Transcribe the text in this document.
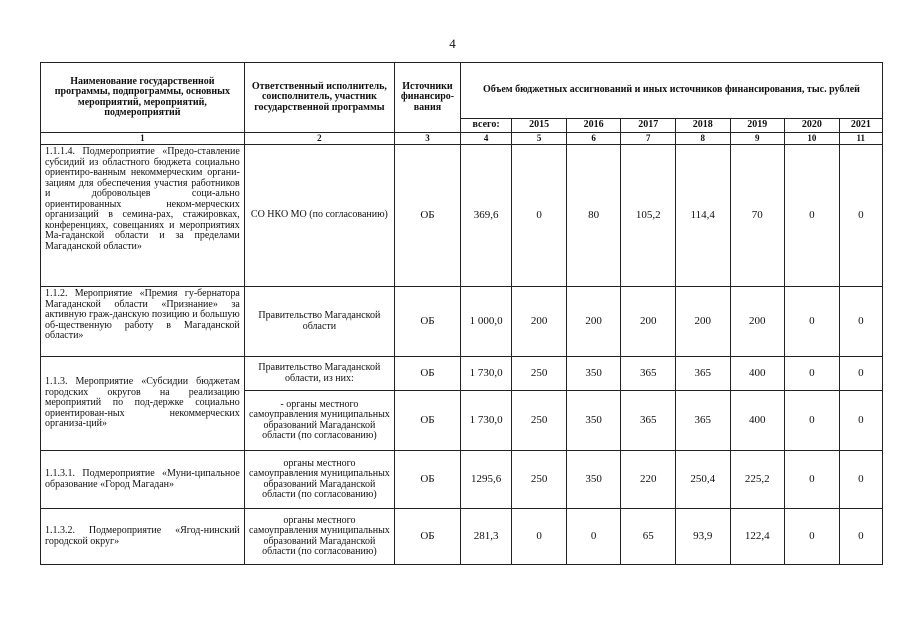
4
Наименование государственной программы, подпрограммы, основных мероприятий, мероприятий, подмероприятий	Ответственный исполнитель, соисполнитель, участник государственной программы	Источники финансиро-вания	Объем бюджетных ассигнований и иных источников финансирования, тыс. рублей							
			всего:	2015	2016	2017	2018	2019	2020	2021
1	2	3	4	5	6	7	8	9	10	11
1.1.1.4. Подмероприятие «Предо-ставление субсидий из областного бюджета социально ориентиро-ванным некоммерческим органи-зациям для обеспечения участия работников и добровольцев соци-ально ориентированных неком-мерческих организаций в семина-рах, стажировках, конференциях, совещаниях и мероприятиях Ма-гаданской области и за пределами Магаданской области»	СО НКО МО (по согласованию)	ОБ	369,6	0	80	105,2	114,4	70	0	0
1.1.2. Мероприятие «Премия гу-бернатора Магаданской области «Признание» за активную граж-данскую позицию и большую об-щественную работу в Магаданской области»	Правительство Магаданской области	ОБ	1 000,0	200	200	200	200	200	0	0
1.1.3. Мероприятие «Субсидии бюджетам городских округов на реализацию мероприятий по под-держке социально ориентирован-ных некоммерческих организа-ций»	Правительство Магаданской области, из них:	ОБ	1 730,0	250	350	365	365	400	0	0
	- органы местного самоуправления муниципальных образований Магаданской области (по согласованию)	ОБ	1 730,0	250	350	365	365	400	0	0
1.1.3.1. Подмероприятие «Муни-ципальное образование «Город Магадан»	органы местного самоуправления муниципальных образований Магаданской области (по согласованию)	ОБ	1295,6	250	350	220	250,4	225,2	0	0
1.1.3.2. Подмероприятие «Ягод-нинский городской округ»	органы местного самоуправления муниципальных образований Магаданской области (по согласованию)	ОБ	281,3	0	0	65	93,9	122,4	0	0
